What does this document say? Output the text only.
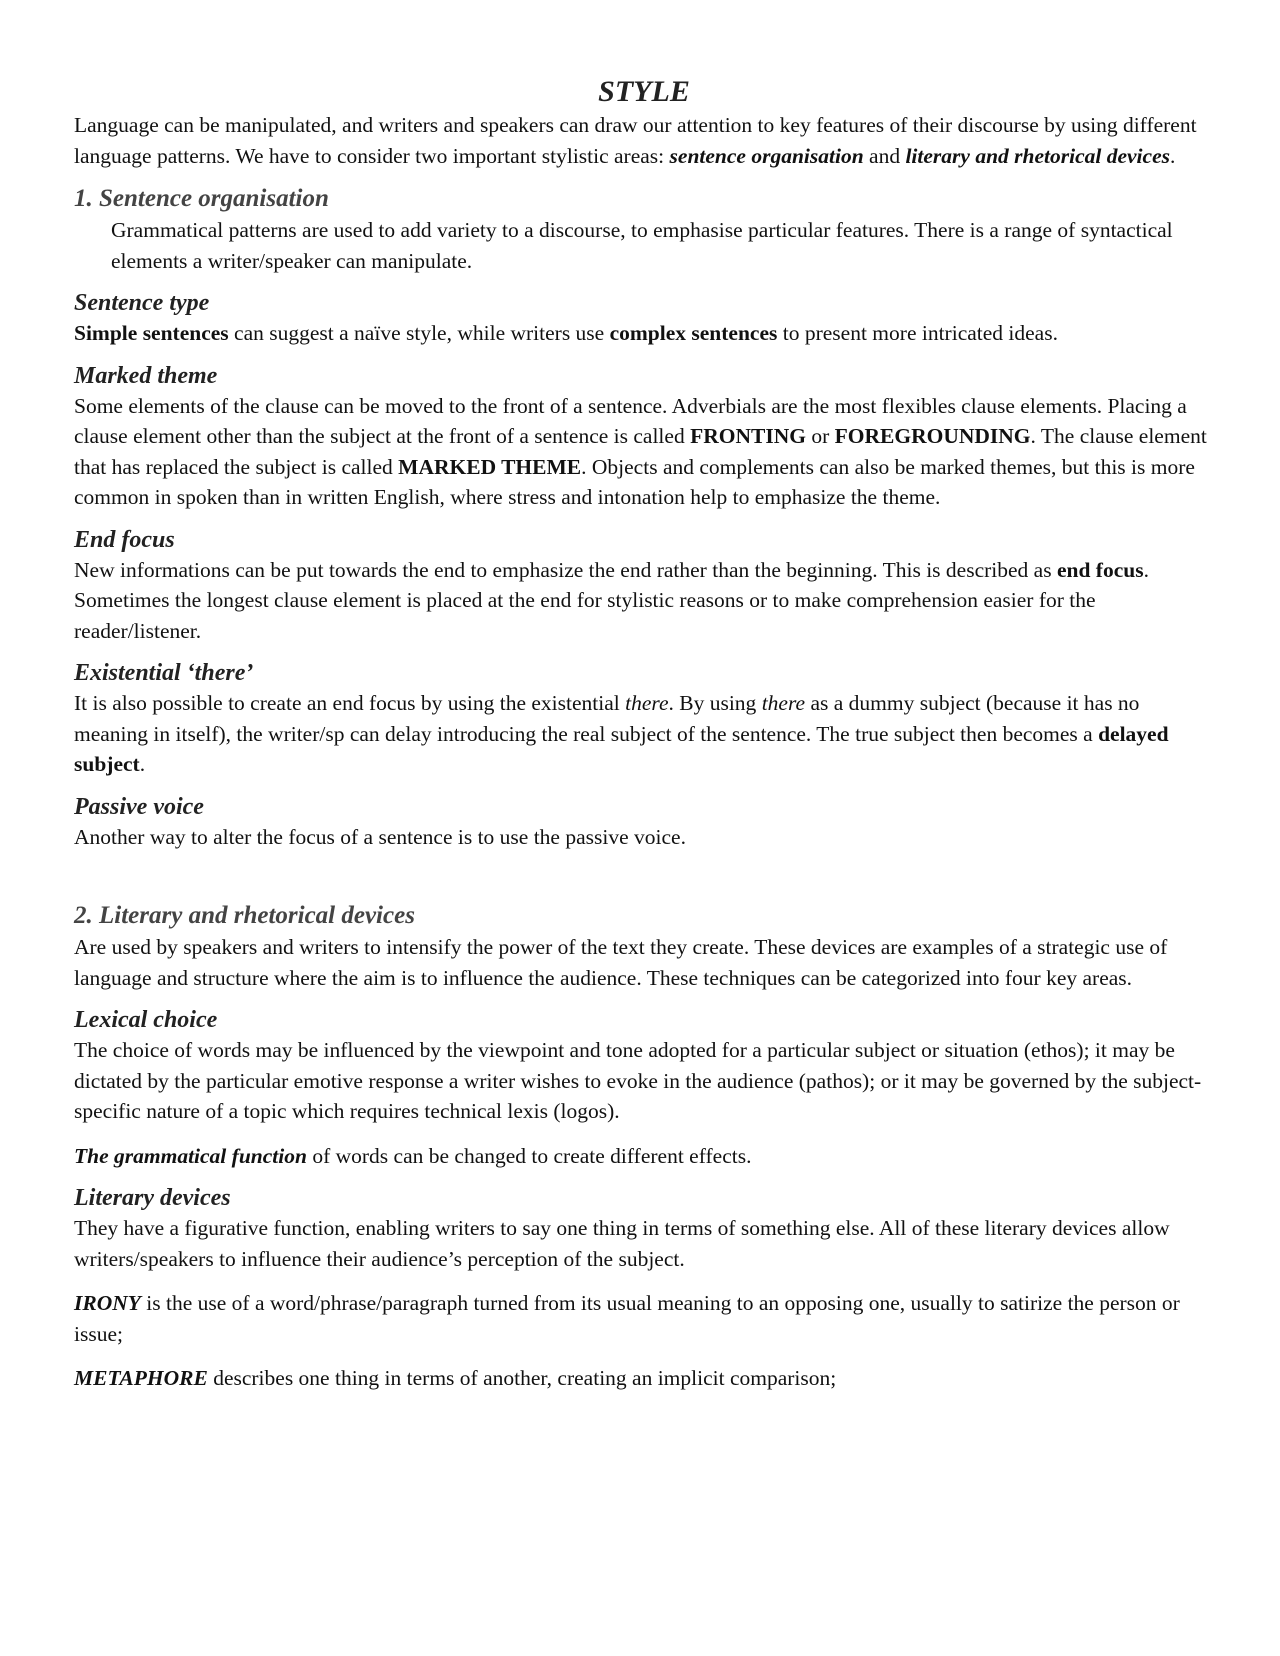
STYLE

Language can be manipulated, and writers and speakers can draw our attention to key features of their discourse by using different language patterns. We have to consider two important stylistic areas: sentence organisation and literary and rhetorical devices.

1. Sentence organisation

Grammatical patterns are used to add variety to a discourse, to emphasise particular features. There is a range of syntactical elements a writer/speaker can manipulate.

Sentence type

Simple sentences can suggest a naïve style, while writers use complex sentences to present more intricated ideas.

Marked theme

Some elements of the clause can be moved to the front of a sentence. Adverbials are the most flexibles clause elements. Placing a clause element other than the subject at the front of a sentence is called FRONTING or FOREGROUNDING. The clause element that has replaced the subject is called MARKED THEME. Objects and complements can also be marked themes, but this is more common in spoken than in written English, where stress and intonation help to emphasize the theme.

End focus

New informations can be put towards the end to emphasize the end rather than the beginning. This is described as end focus. Sometimes the longest clause element is placed at the end for stylistic reasons or to make comprehension easier for the reader/listener.

Existential ‘there’

It is also possible to create an end focus by using the existential there. By using there as a dummy subject (because it has no meaning in itself), the writer/sp can delay introducing the real subject of the sentence. The true subject then becomes a delayed subject.

Passive voice

Another way to alter the focus of a sentence is to use the passive voice.

2. Literary and rhetorical devices

Are used by speakers and writers to intensify the power of the text they create. These devices are examples of a strategic use of language and structure where the aim is to influence the audience. These techniques can be categorized into four key areas.

Lexical choice

The choice of words may be influenced by the viewpoint and tone adopted for a particular subject or situation (ethos); it may be dictated by the particular emotive response a writer wishes to evoke in the audience (pathos); or it may be governed by the subject-specific nature of a topic which requires technical lexis (logos).

The grammatical function of words can be changed to create different effects.

Literary devices

They have a figurative function, enabling writers to say one thing in terms of something else. All of these literary devices allow writers/speakers to influence their audience’s perception of the subject.

IRONY is the use of a word/phrase/paragraph turned from its usual meaning to an opposing one, usually to satirize the person or issue;

METAPHORE describes one thing in terms of another, creating an implicit comparison;
